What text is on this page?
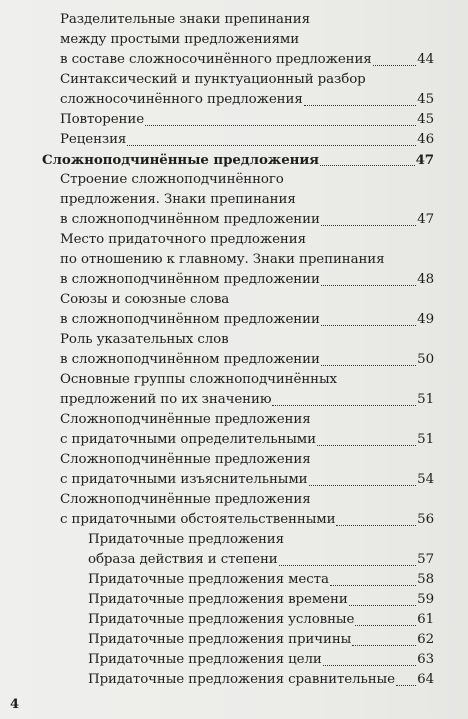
Разделительные знаки препинания
между простыми предложениями
в составе сложносочинённого предложения	44
Синтаксический и пунктуационный разбор
сложносочинённого предложения	45
Повторение	45
Рецензия	46
Сложноподчинённые предложения	47
Строение сложноподчинённого
предложения. Знаки препинания
в сложноподчинённом предложении	47
Место придаточного предложения
по отношению к главному. Знаки препинания
в сложноподчинённом предложении	48
Союзы и союзные слова
в сложноподчинённом предложении	49
Роль указательных слов
в сложноподчинённом предложении	50
Основные группы сложноподчинённых
предложений по их значению	51
Сложноподчинённые предложения
с придаточными определительными	51
Сложноподчинённые предложения
с придаточными изъяснительными	54
Сложноподчинённые предложения
с придаточными обстоятельственными	56
Придаточные предложения
образа действия и степени	57
Придаточные предложения места	58
Придаточные предложения времени	59
Придаточные предложения условные	61
Придаточные предложения причины	62
Придаточные предложения цели	63
Придаточные предложения сравнительные 64
4
